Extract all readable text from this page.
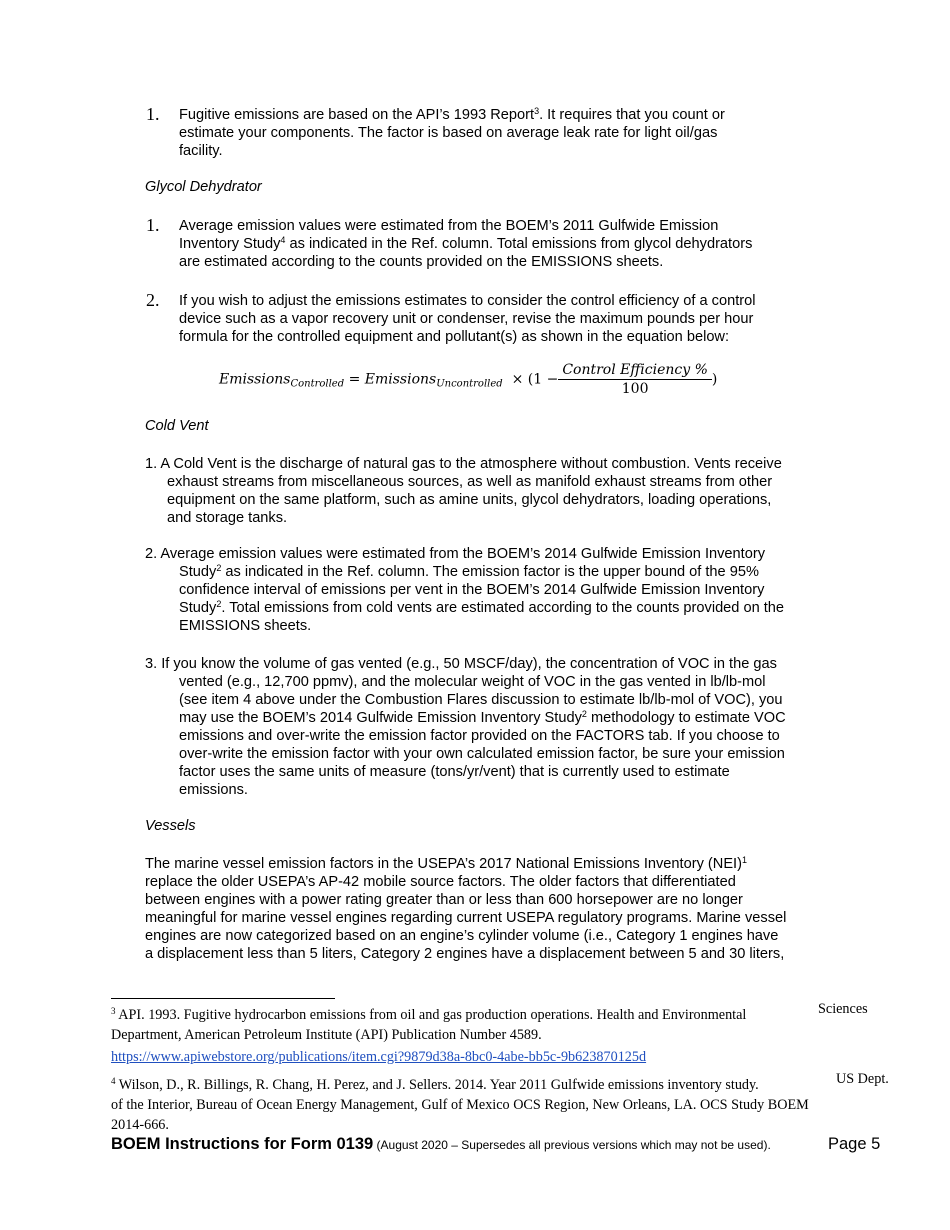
1. Fugitive emissions are based on the API’s 1993 Report$^3$. It requires that you count or
estimate your components. The factor is based on average leak rate for light oil/gas
facility.
Glycol Dehydrator
1. Average emission values were estimated from the BOEM’s 2011 Gulfwide Emission
Inventory Study$^4$ as indicated in the Ref. column. Total emissions from glycol dehydrators
are estimated according to the counts provided on the EMISSIONS sheets.
2. If you wish to adjust the emissions estimates to consider the control efficiency of a control
device such as a vapor recovery unit or condenser, revise the maximum pounds per hour
formula for the controlled equipment and pollutant(s) as shown in the equation below:
Emissions$_{Controlled}$ = Emissions$_{Uncontrolled}$ × ($1 - \frac{\text{Control Efficiency \%}}{100}$ )
Cold Vent
1. A Cold Vent is the discharge of natural gas to the atmosphere without combustion. Vents receive
exhaust streams from miscellaneous sources, as well as manifold exhaust streams from other
equipment on the same platform, such as amine units, glycol dehydrators, loading operations,
and storage tanks.
2. Average emission values were estimated from the BOEM’s 2014 Gulfwide Emission Inventory
Study$^2$ as indicated in the Ref. column. The emission factor is the upper bound of the 95%
confidence interval of emissions per vent in the BOEM’s 2014 Gulfwide Emission Inventory
Study$^2$. Total emissions from cold vents are estimated according to the counts provided on the
EMISSIONS sheets.
3. If you know the volume of gas vented (e.g., 50 MSCF/day), the concentration of VOC in the gas
vented (e.g., 12,700 ppmv), and the molecular weight of VOC in the gas vented in lb/lb-mol
(see item 4 above under the Combustion Flares discussion to estimate lb/lb-mol of VOC), you
may use the BOEM’s 2014 Gulfwide Emission Inventory Study$^2$ methodology to estimate VOC
emissions and over-write the emission factor provided on the FACTORS tab. If you choose to
over-write the emission factor with your own calculated emission factor, be sure your emission
factor uses the same units of measure (tons/yr/vent) that is currently used to estimate
emissions.
Vessels
The marine vessel emission factors in the USEPA’s 2017 National Emissions Inventory (NEI)$^1$
replace the older USEPA’s AP-42 mobile source factors. The older factors that differentiated
between engines with a power rating greater than or less than 600 horsepower are no longer
meaningful for marine vessel engines regarding current USEPA regulatory programs. Marine vessel
engines are now categorized based on an engine’s cylinder volume (i.e., Category 1 engines have
a displacement less than 5 liters, Category 2 engines have a displacement between 5 and 30 liters,
$^3$ API. 1993. Fugitive hydrocarbon emissions from oil and gas production operations. Health and Environmental	Sciences
Department, American Petroleum Institute (API) Publication Number 4589.
https://www.apiwebstore.org/publications/item.cgi?9879d38a-8bc0-4abe-bb5c-9b623870125d
$^4$ Wilson, D., R. Billings, R. Chang, H. Perez, and J. Sellers. 2014. Year 2011 Gulfwide emissions inventory study.	US Dept.
of the Interior, Bureau of Ocean Energy Management, Gulf of Mexico OCS Region, New Orleans, LA. OCS Study BOEM
2014-666.
BOEM Instructions for Form 0139 (August 2020 – Supersedes all previous versions which may not be used).	Page 5
